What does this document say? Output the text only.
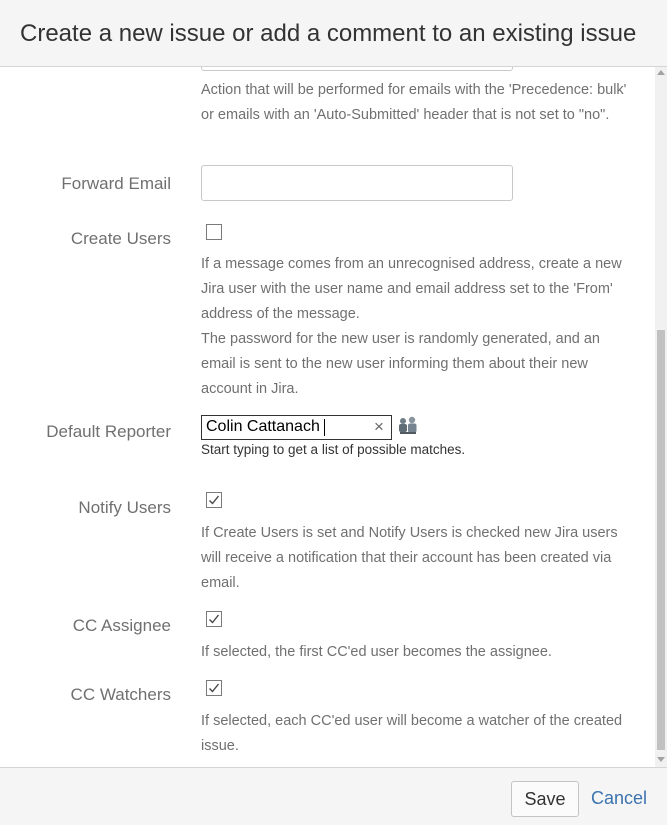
Create a new issue or add a comment to an existing issue
Action that will be performed for emails with the 'Precedence: bulk' or emails with an 'Auto-Submitted' header that is not set to "no".
Forward Email
Create Users
If a message comes from an unrecognised address, create a new Jira user with the user name and email address set to the 'From' address of the message.
The password for the new user is randomly generated, and an email is sent to the new user informing them about their new account in Jira.
Default Reporter Colin Cattanach	×
Start typing to get a list of possible matches.
Notify Users
If Create Users is set and Notify Users is checked new Jira users will receive a notification that their account has been created via email.
CC Assignee
If selected, the first CC'ed user becomes the assignee.
CC Watchers
If selected, each CC'ed user will become a watcher of the created issue.
Save	Cancel
